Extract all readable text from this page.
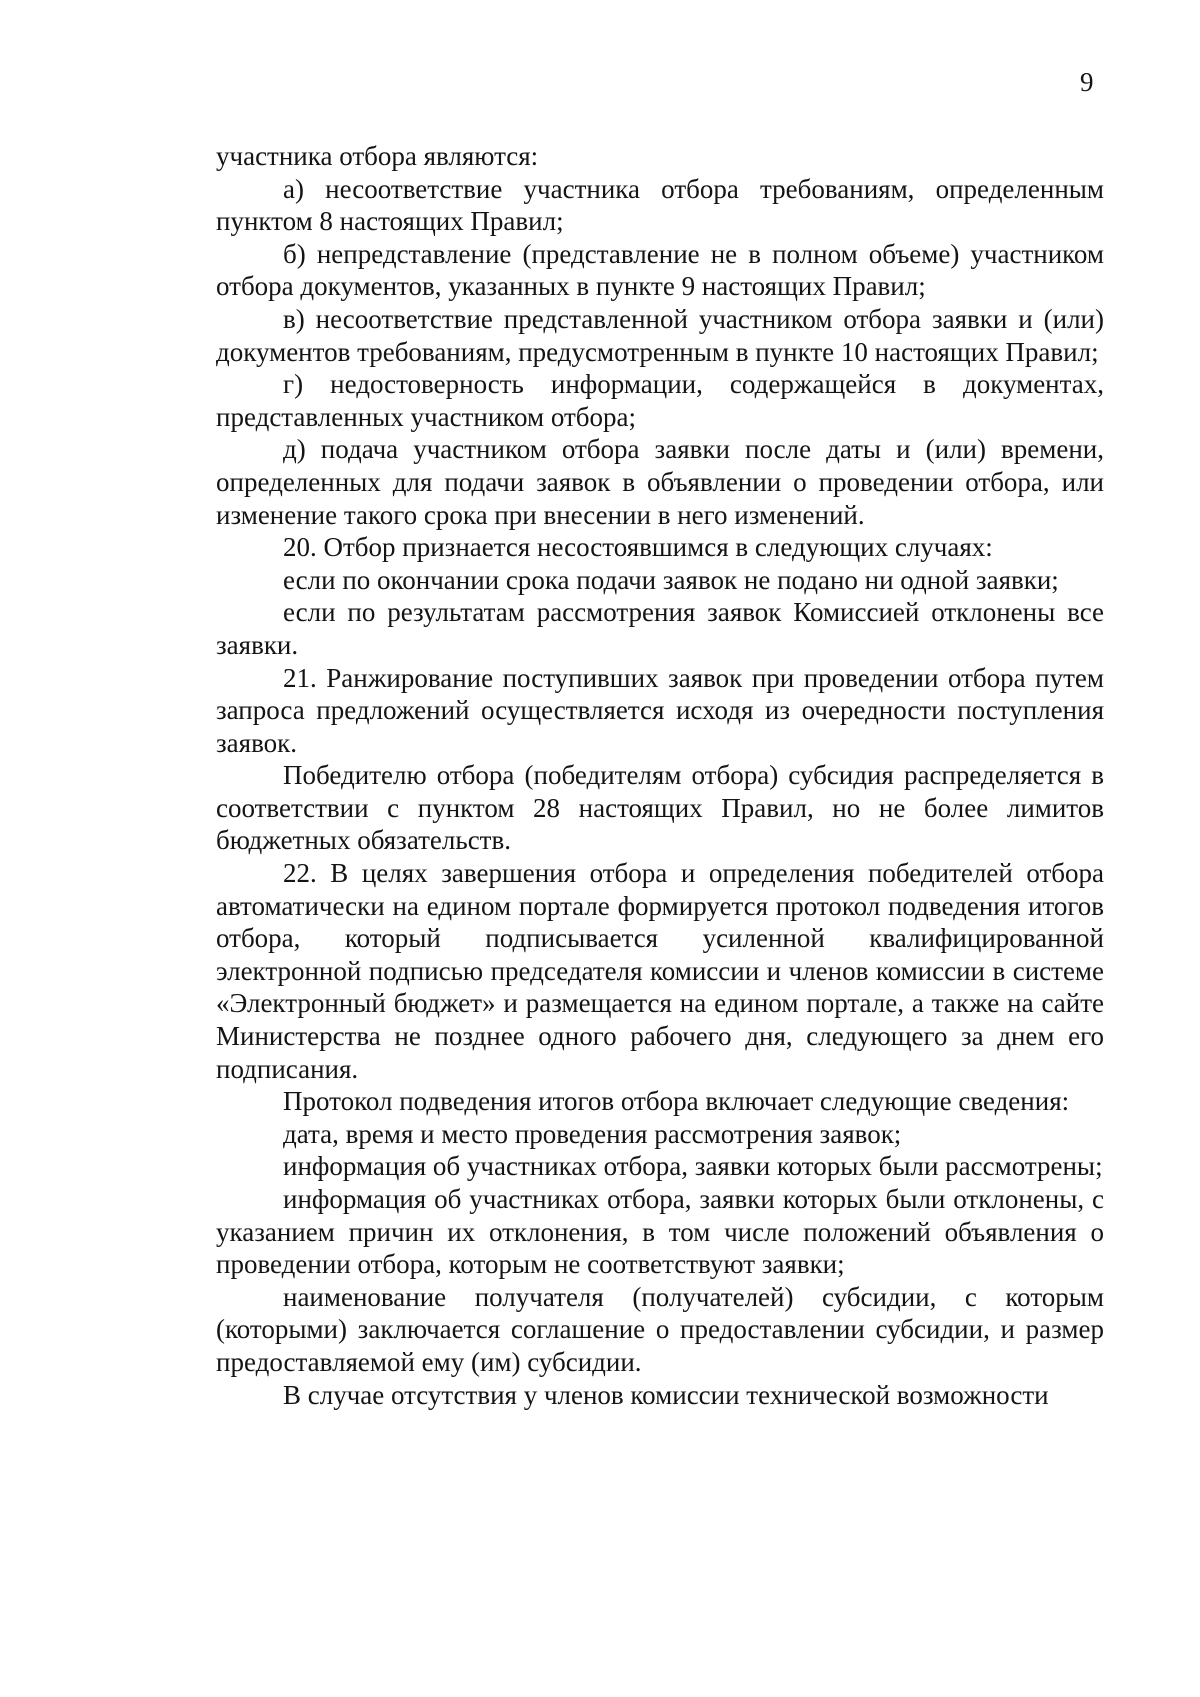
9

участника отбора являются:

а) несоответствие участника отбора требованиям, определенным пунктом 8 настоящих Правил;

б) непредставление (представление не в полном объеме) участником отбора документов, указанных в пункте 9 настоящих Правил;

в) несоответствие представленной участником отбора заявки и (или) документов требованиям, предусмотренным в пункте 10 настоящих Правил;

г) недостоверность информации, содержащейся в документах, представленных участником отбора;

д) подача участником отбора заявки после даты и (или) времени, определенных для подачи заявок в объявлении о проведении отбора, или изменение такого срока при внесении в него изменений.

20. Отбор признается несостоявшимся в следующих случаях:

если по окончании срока подачи заявок не подано ни одной заявки;

если по результатам рассмотрения заявок Комиссией отклонены все заявки.

21. Ранжирование поступивших заявок при проведении отбора путем запроса предложений осуществляется исходя из очередности поступления заявок.

Победителю отбора (победителям отбора) субсидия распределяется в соответствии с пунктом 28 настоящих Правил, но не более лимитов бюджетных обязательств.

22. В целях завершения отбора и определения победителей отбора автоматически на едином портале формируется протокол подведения итогов отбора, который подписывается усиленной квалифицированной электронной подписью председателя комиссии и членов комиссии в системе «Электронный бюджет» и размещается на едином портале, а также на сайте Министерства не позднее одного рабочего дня, следующего за днем его подписания.

Протокол подведения итогов отбора включает следующие сведения:

дата, время и место проведения рассмотрения заявок;

информация об участниках отбора, заявки которых были рассмотрены;

информация об участниках отбора, заявки которых были отклонены, с указанием причин их отклонения, в том числе положений объявления о проведении отбора, которым не соответствуют заявки;

наименование получателя (получателей) субсидии, с которым (которыми) заключается соглашение о предоставлении субсидии, и размер предоставляемой ему (им) субсидии.

В случае отсутствия у членов комиссии технической возможности
